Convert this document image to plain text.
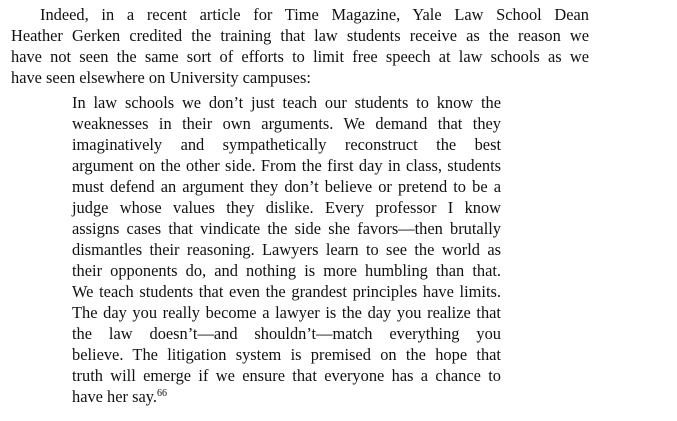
Indeed, in a recent article for Time Magazine, Yale Law School Dean
Heather Gerken credited the training that law students receive as the reason we
have not seen the same sort of efforts to limit free speech at law schools as we
have seen elsewhere on University campuses:
In law schools we don’t just teach our students to know the
weaknesses in their own arguments. We demand that they
imaginatively and sympathetically reconstruct the best
argument on the other side. From the first day in class, students
must defend an argument they don’t believe or pretend to be a
judge whose values they dislike. Every professor I know
assigns cases that vindicate the side she favors—then brutally
dismantles their reasoning. Lawyers learn to see the world as
their opponents do, and nothing is more humbling than that.
We teach students that even the grandest principles have limits.
The day you really become a lawyer is the day you realize that
the law doesn’t—and shouldn’t—match everything you
believe. The litigation system is premised on the hope that
truth will emerge if we ensure that everyone has a chance to
have her say.$^{66}$
